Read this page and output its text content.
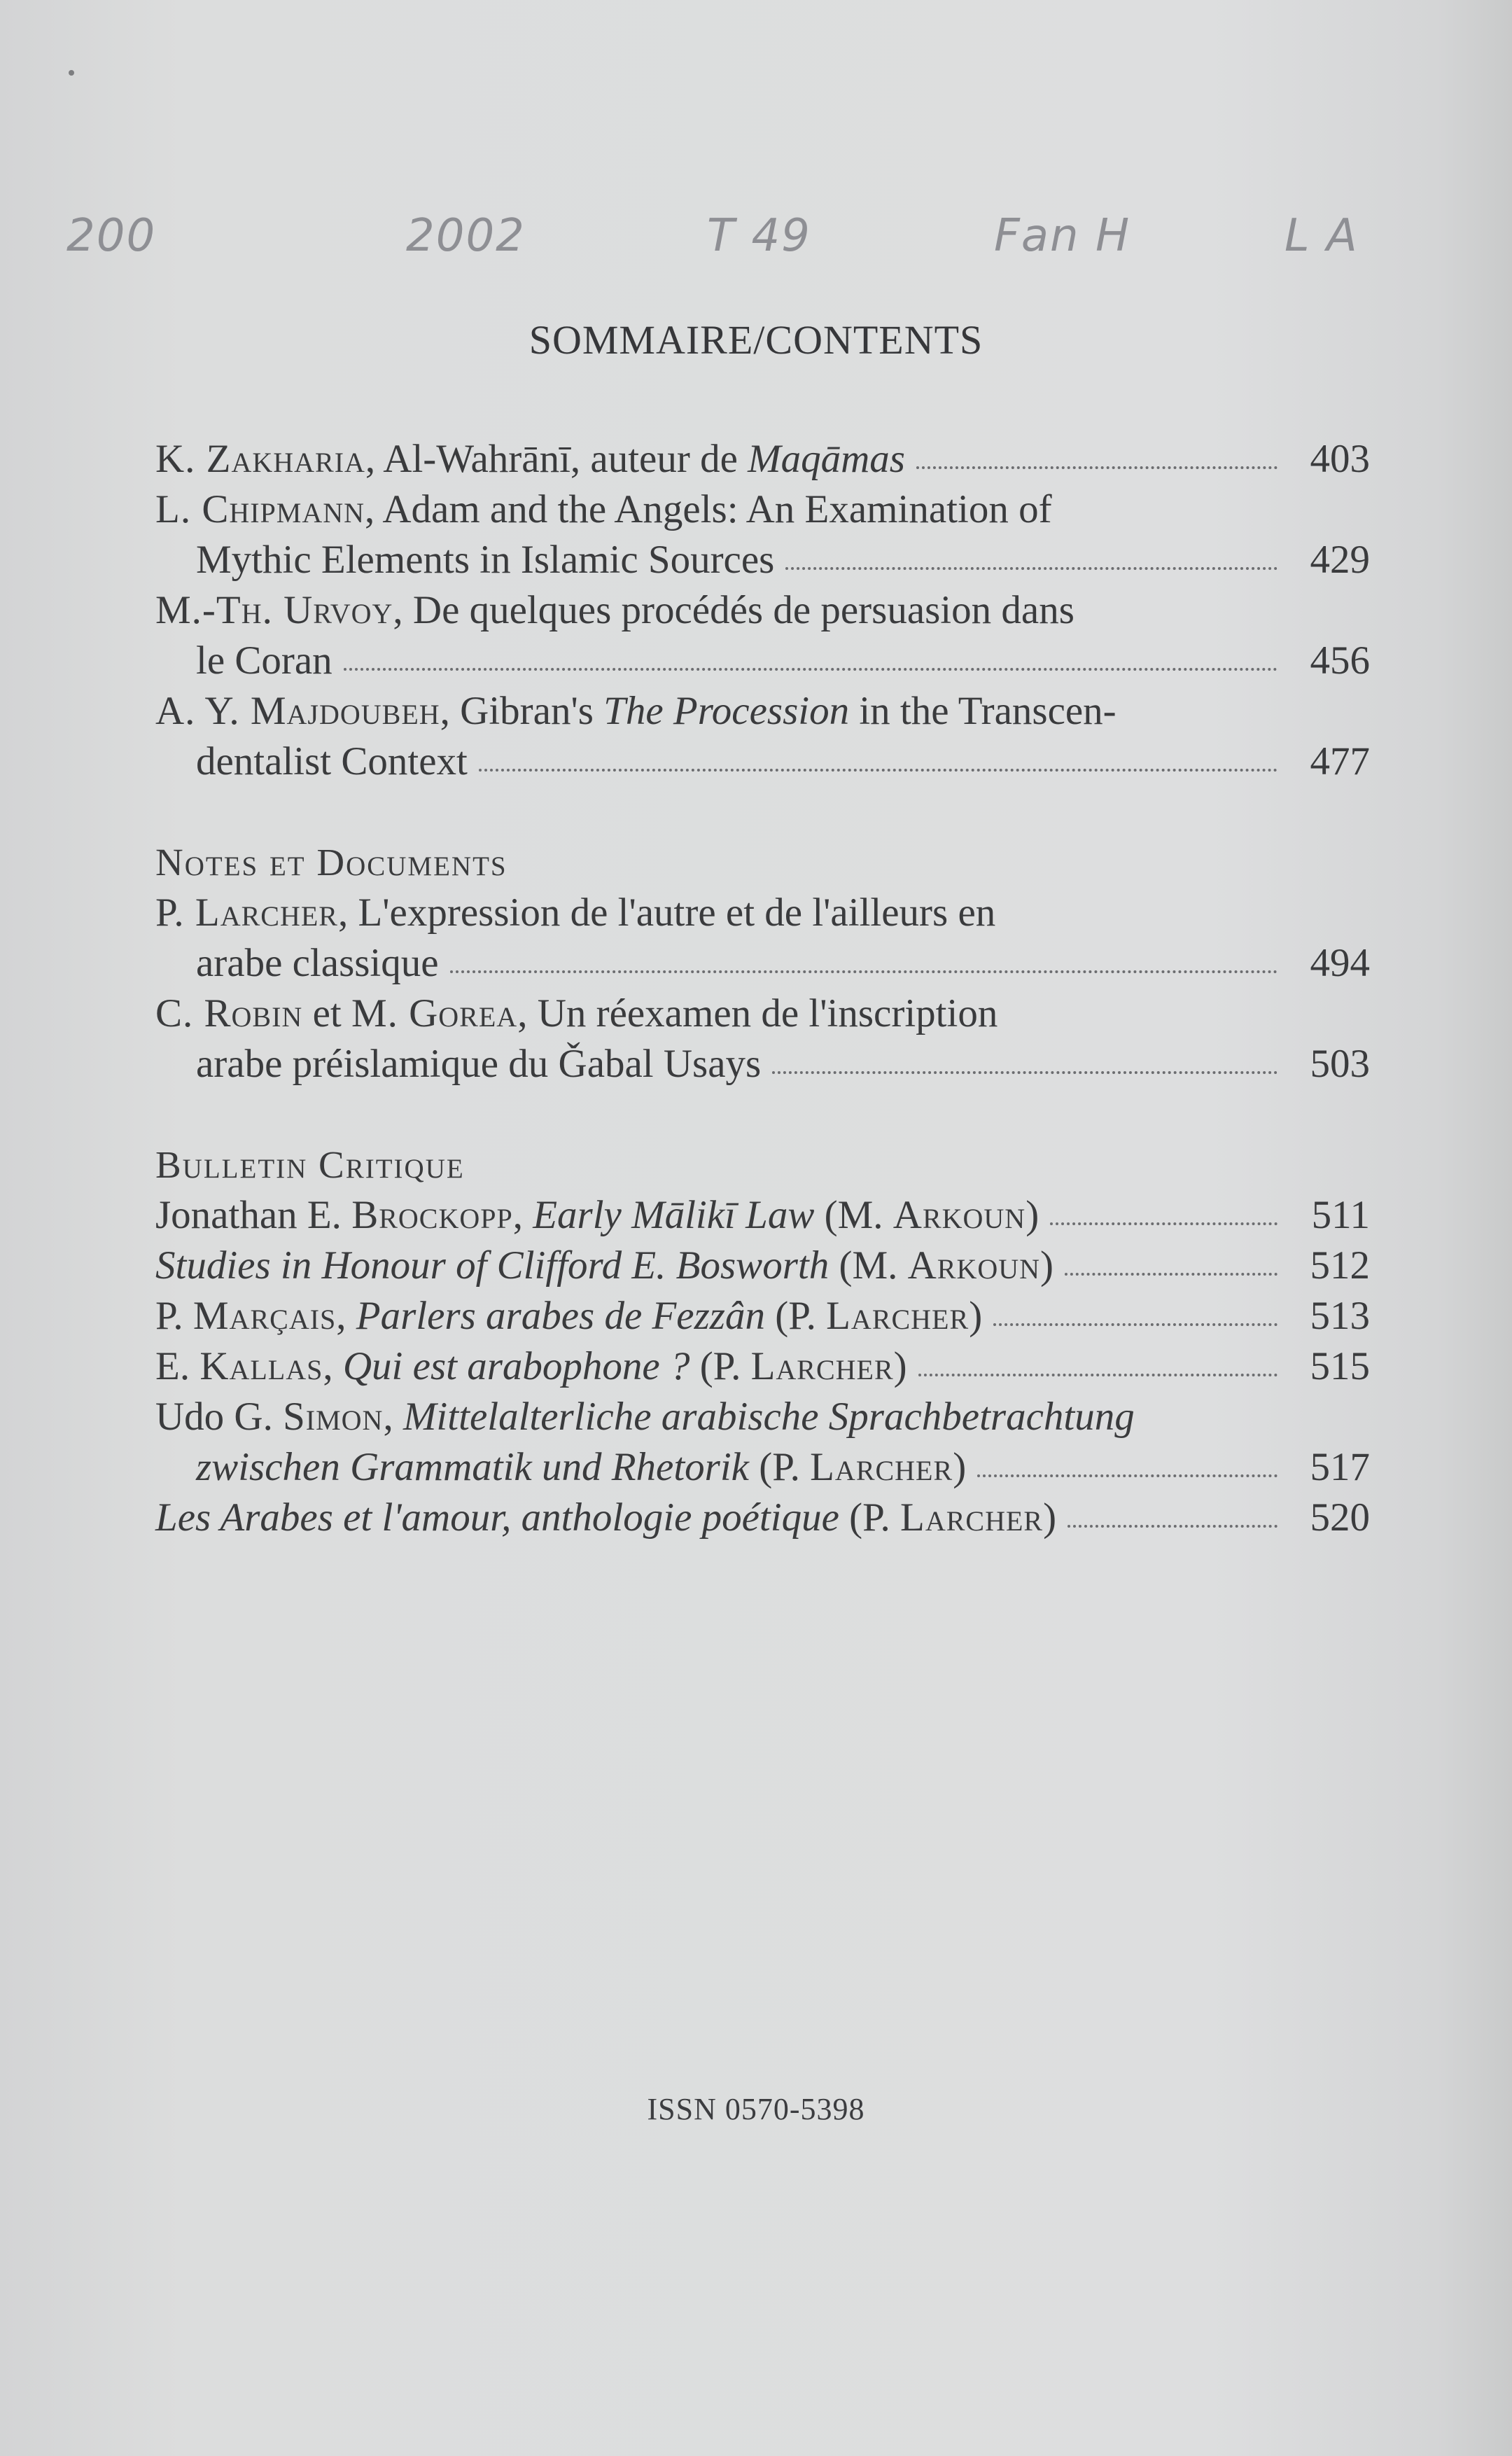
200	2002	T 49	Fan H	L A
SOMMAIRE/CONTENTS
K. Zakharia, Al-Wahrānī, auteur de Maqāmas	403
L. Chipmann, Adam and the Angels: An Examination of
Mythic Elements in Islamic Sources	429
M.-Th. Urvoy, De quelques procédés de persuasion dans
le Coran	456
A. Y. Majdoubeh, Gibran's The Procession in the Transcen-
dentalist Context	477
Notes et Documents
P. Larcher, L'expression de l'autre et de l'ailleurs en
arabe classique	494
C. Robin et M. Gorea, Un réexamen de l'inscription
arabe préislamique du Ǧabal Usays	503
Bulletin Critique
Jonathan E. Brockopp, Early Mālikī Law (M. Arkoun)	511
Studies in Honour of Clifford E. Bosworth (M. Arkoun)	512
P. Marçais, Parlers arabes de Fezzân (P. Larcher)	513
E. Kallas, Qui est arabophone ? (P. Larcher)	515
Udo G. Simon, Mittelalterliche arabische Sprachbetrachtung
zwischen Grammatik und Rhetorik (P. Larcher)	517
Les Arabes et l'amour, anthologie poétique (P. Larcher)	520
ISSN 0570-5398
